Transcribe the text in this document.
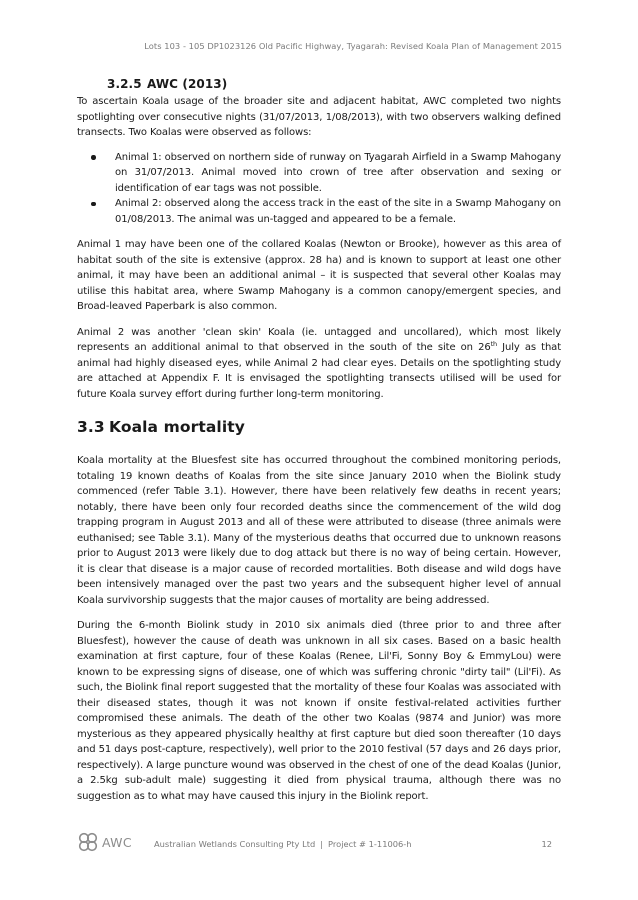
Lots 103 - 105 DP1023126 Old Pacific Highway, Tyagarah: Revised Koala Plan of Management 2015
3.2.5 AWC (2013)

To ascertain Koala usage of the broader site and adjacent habitat, AWC completed two nights spotlighting over consecutive nights (31/07/2013, 1/08/2013), with two observers walking defined transects. Two Koalas were observed as follows:

Animal 1: observed on northern side of runway on Tyagarah Airfield in a Swamp Mahogany on 31/07/2013. Animal moved into crown of tree after observation and sexing or identification of ear tags was not possible.
Animal 2: observed along the access track in the east of the site in a Swamp Mahogany on 01/08/2013. The animal was un-tagged and appeared to be a female.

Animal 1 may have been one of the collared Koalas (Newton or Brooke), however as this area of habitat south of the site is extensive (approx. 28 ha) and is known to support at least one other animal, it may have been an additional animal – it is suspected that several other Koalas may utilise this habitat area, where Swamp Mahogany is a common canopy/emergent species, and Broad-leaved Paperbark is also common.

Animal 2 was another 'clean skin' Koala (ie. untagged and uncollared), which most likely represents an additional animal to that observed in the south of the site on 26th July as that animal had highly diseased eyes, while Animal 2 had clear eyes. Details on the spotlighting study are attached at Appendix F. It is envisaged the spotlighting transects utilised will be used for future Koala survey effort during further long-term monitoring.

3.3 Koala mortality

Koala mortality at the Bluesfest site has occurred throughout the combined monitoring periods, totaling 19 known deaths of Koalas from the site since January 2010 when the Biolink study commenced (refer Table 3.1). However, there have been relatively few deaths in recent years; notably, there have been only four recorded deaths since the commencement of the wild dog trapping program in August 2013 and all of these were attributed to disease (three animals were euthanised; see Table 3.1). Many of the mysterious deaths that occurred due to unknown reasons prior to August 2013 were likely due to dog attack but there is no way of being certain. However, it is clear that disease is a major cause of recorded mortalities. Both disease and wild dogs have been intensively managed over the past two years and the subsequent higher level of annual Koala survivorship suggests that the major causes of mortality are being addressed.

During the 6-month Biolink study in 2010 six animals died (three prior to and three after Bluesfest), however the cause of death was unknown in all six cases. Based on a basic health examination at first capture, four of these Koalas (Renee, Lil'Fi, Sonny Boy & EmmyLou) were known to be expressing signs of disease, one of which was suffering chronic "dirty tail" (Lil'Fi). As such, the Biolink final report suggested that the mortality of these four Koalas was associated with their diseased states, though it was not known if onsite festival-related activities further compromised these animals. The death of the other two Koalas (9874 and Junior) was more mysterious as they appeared physically healthy at first capture but died soon thereafter (10 days and 51 days post-capture, respectively), well prior to the 2010 festival (57 days and 26 days prior, respectively). A large puncture wound was observed in the chest of one of the dead Koalas (Junior, a 2.5kg sub-adult male) suggesting it died from physical trauma, although there was no suggestion as to what may have caused this injury in the Biolink report.

AWC	Australian Wetlands Consulting Pty Ltd | Project # 1-11006-h	12
